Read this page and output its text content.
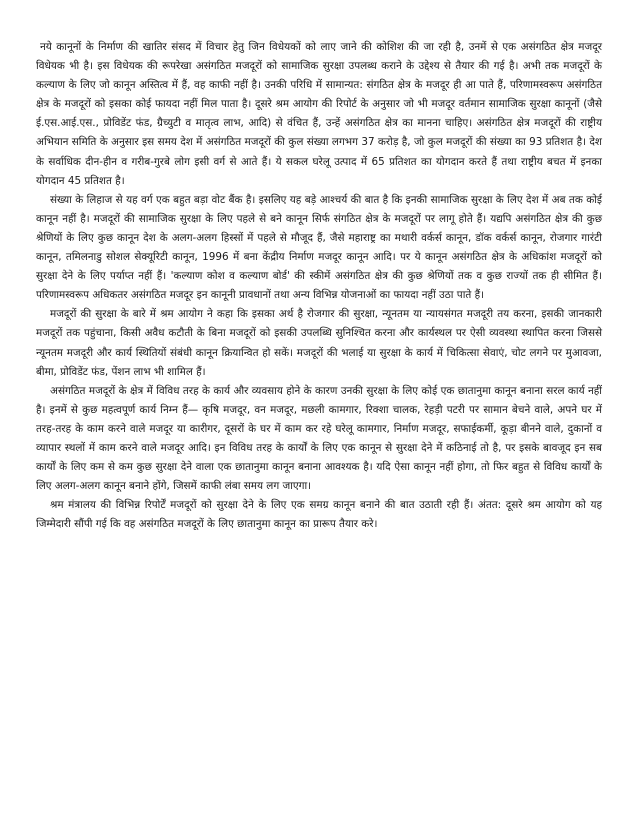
नये कानूनों के निर्माण की खातिर संसद में विचार हेतु जिन विधेयकों को लाए जाने की कोशिश की जा रही है, उनमें से एक असंगठित क्षेत्र मजदूर विधेयक भी है। इस विधेयक की रूपरेखा असंगठित मजदूरों को सामाजिक सुरक्षा उपलब्ध कराने के उद्देश्य से तैयार की गई है। अभी तक मजदूरों के कल्याण के लिए जो कानून अस्तित्व में हैं, वह काफी नहीं है। उनकी परिधि में सामान्यत: संगठित क्षेत्र के मजदूर ही आ पाते हैं, परिणामस्वरूप असंगठित क्षेत्र के मजदूरों को इसका कोई फायदा नहीं मिल पाता है। दूसरे श्रम आयोग की रिपोर्ट के अनुसार जो भी मजदूर वर्तमान सामाजिक सुरक्षा कानूनों (जैसे ई.एस.आई.एस., प्रोविडेंट फंड, ग्रैच्युटी व मातृत्व लाभ, आदि) से वंचित हैं, उन्हें असंगठित क्षेत्र का मानना चाहिए। असंगठित क्षेत्र मजदूरों की राष्ट्रीय अभियान समिति के अनुसार इस समय देश में असंगठित मजदूरों की कुल संख्या लगभग 37 करोड़ है, जो कुल मजदूरों की संख्या का 93 प्रतिशत है। देश के सर्वाधिक दीन-हीन व गरीब-गुरबे लोग इसी वर्ग से आते हैं। ये सकल घरेलू उत्पाद में 65 प्रतिशत का योगदान करते हैं तथा राष्ट्रीय बचत में इनका योगदान 45 प्रतिशत है।

संख्या के लिहाज से यह वर्ग एक बहुत बड़ा वोट बैंक है। इसलिए यह बड़े आश्चर्य की बात है कि इनकी सामाजिक सुरक्षा के लिए देश में अब तक कोई कानून नहीं है। मजदूरों की सामाजिक सुरक्षा के लिए पहले से बने कानून सिर्फ संगठित क्षेत्र के मजदूरों पर लागू होते हैं। यद्यपि असंगठित क्षेत्र की कुछ श्रेणियों के लिए कुछ कानून देश के अलग-अलग हिस्सों में पहले से मौजूद हैं, जैसे महाराष्ट्र का मथारी वर्कर्स कानून, डॉक वर्कर्स कानून, रोजगार गारंटी कानून, तमिलनाडु सोशल सेक्यूरिटी कानून, 1996 में बना केंद्रीय निर्माण मजदूर कानून आदि। पर ये कानून असंगठित क्षेत्र के अधिकांश मजदूरों को सुरक्षा देने के लिए पर्याप्त नहीं हैं। 'कल्याण कोश व कल्याण बोर्ड' की स्कीमें असंगठित क्षेत्र की कुछ श्रेणियों तक व कुछ राज्यों तक ही सीमित हैं। परिणामस्वरूप अधिकतर असंगठित मजदूर इन कानूनी प्रावधानों तथा अन्य विभिन्न योजनाओं का फायदा नहीं उठा पाते हैं।

मजदूरों की सुरक्षा के बारे में श्रम आयोग ने कहा कि इसका अर्थ है रोजगार की सुरक्षा, न्यूनतम या न्यायसंगत मजदूरी तय करना, इसकी जानकारी मजदूरों तक पहुंचाना, किसी अवैध कटौती के बिना मजदूरों को इसकी उपलब्धि सुनिश्चित करना और कार्यस्थल पर ऐसी व्यवस्था स्थापित करना जिससे न्यूनतम मजदूरी और कार्य स्थितियों संबंधी कानून क्रियान्वित हो सकें। मजदूरों की भलाई या सुरक्षा के कार्य में चिकित्सा सेवाएं, चोट लगने पर मुआवजा, बीमा, प्रोविडेंट फंड, पेंशन लाभ भी शामिल हैं।

असंगठित मजदूरों के क्षेत्र में विविध तरह के कार्य और व्यवसाय होने के कारण उनकी सुरक्षा के लिए कोई एक छातानुमा कानून बनाना सरल कार्य नहीं है। इनमें से कुछ महत्वपूर्ण कार्य निम्न हैं— कृषि मजदूर, वन मजदूर, मछली कामगार, रिक्शा चालक, रेहड़ी पटरी पर सामान बेचने वाले, अपने घर में तरह-तरह के काम करने वाले मजदूर या कारीगर, दूसरों के घर में काम कर रहे घरेलू कामगार, निर्माण मजदूर, सफाईकर्मी, कूड़ा बीनने वाले, दुकानों व व्यापार स्थलों में काम करने वाले मजदूर आदि। इन विविध तरह के कार्यों के लिए एक कानून से सुरक्षा देने में कठिनाई तो है, पर इसके बावजूद इन सब कार्यों के लिए कम से कम कुछ सुरक्षा देने वाला एक छातानुमा कानून बनाना आवश्यक है। यदि ऐसा कानून नहीं होगा, तो फिर बहुत से विविध कार्यों के लिए अलग-अलग कानून बनाने होंगे, जिसमें काफी लंबा समय लग जाएगा।

श्रम मंत्रालय की विभिन्न रिपोर्टें मजदूरों को सुरक्षा देने के लिए एक समग्र कानून बनाने की बात उठाती रही हैं। अंतत: दूसरे श्रम आयोग को यह जिम्मेदारी सौंपी गई कि वह असंगठित मजदूरों के लिए छातानुमा कानून का प्रारूप तैयार करे।
